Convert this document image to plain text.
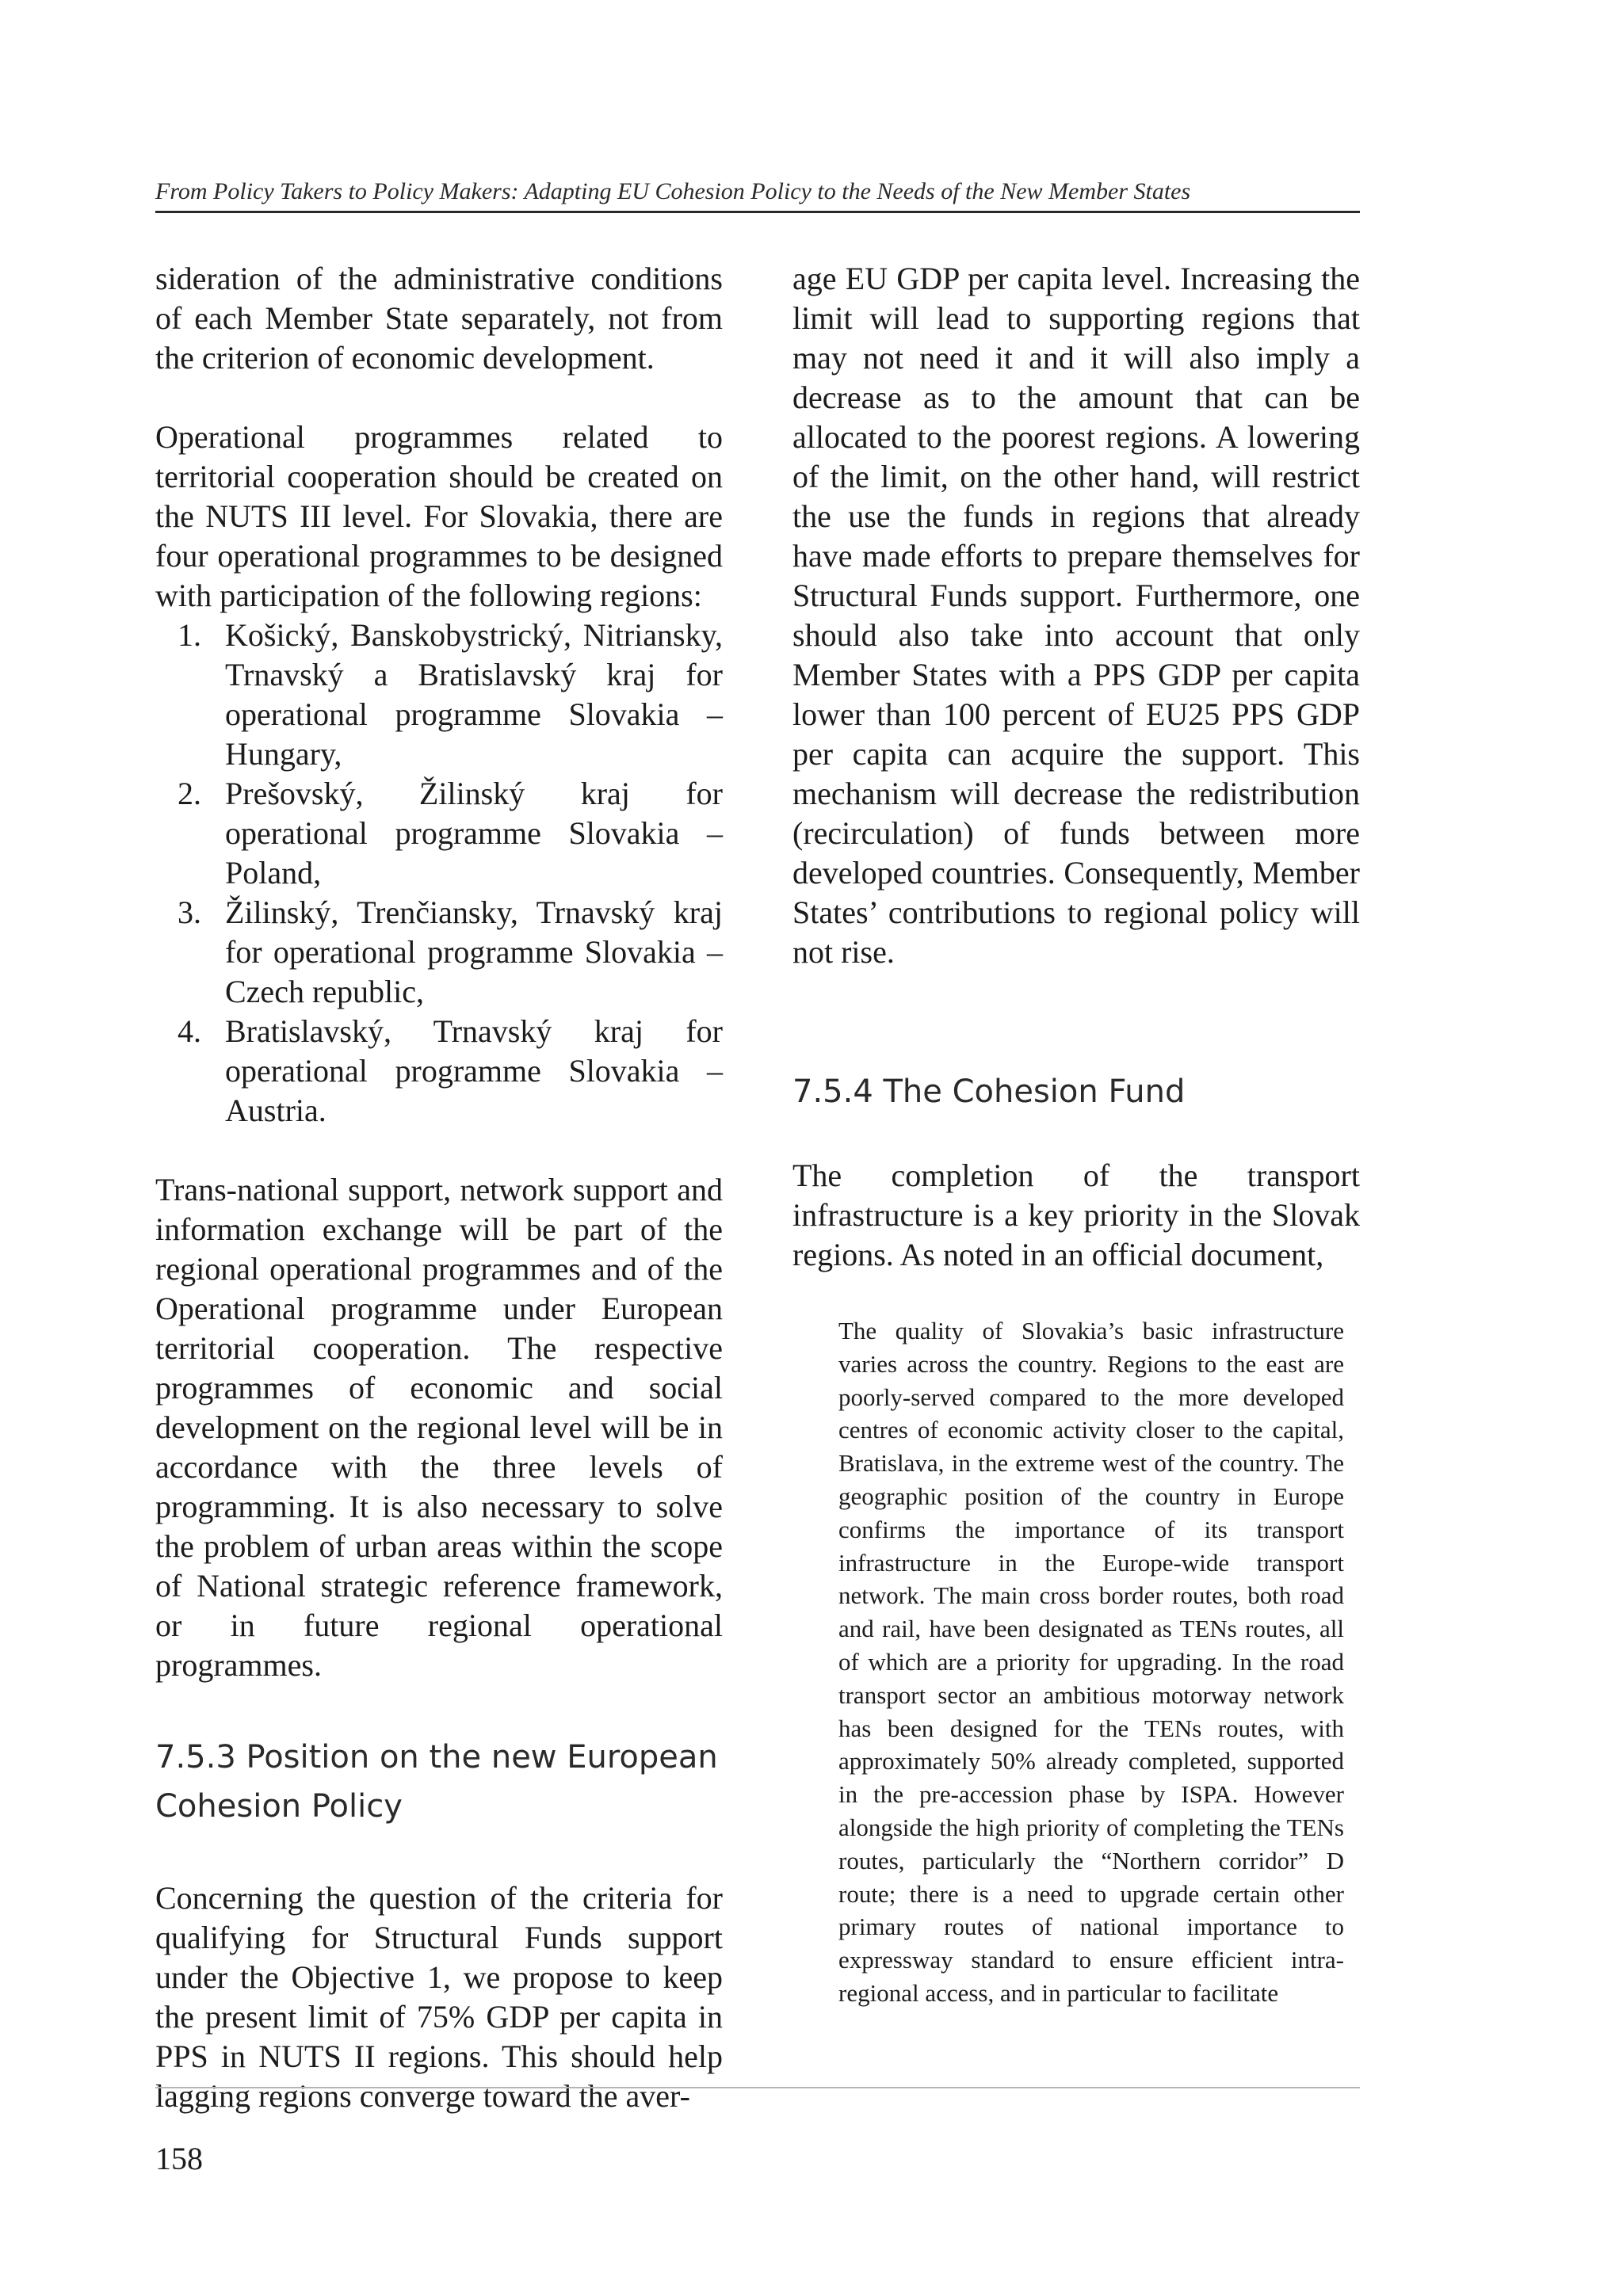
From Policy Takers to Policy Makers: Adapting EU Cohesion Policy to the Needs of the New Member States

sideration of the administrative conditions of each Member State separately, not from the criterion of economic development.

Operational programmes related to territorial cooperation should be created on the NUTS III level. For Slovakia, there are four operational programmes to be designed with participation of the following regions:

1. Košický, Banskobystrický, Nitriansky, Trnavský a Bratislavský kraj for operational programme Slovakia – Hungary,
2. Prešovský, Žilinský kraj for operational programme Slovakia – Poland,
3. Žilinský, Trenčiansky, Trnavský kraj for operational programme Slovakia – Czech republic,
4. Bratislavský, Trnavský kraj for operational programme Slovakia – Austria.

Trans-national support, network support and information exchange will be part of the regional operational programmes and of the Operational programme under European territorial cooperation. The respective programmes of economic and social development on the regional level will be in accordance with the three levels of programming. It is also necessary to solve the problem of urban areas within the scope of National strategic reference framework, or in future regional operational programmes.

7.5.3 Position on the new European Cohesion Policy

Concerning the question of the criteria for qualifying for Structural Funds support under the Objective 1, we propose to keep the present limit of 75% GDP per capita in PPS in NUTS II regions. This should help lagging regions converge toward the aver-

age EU GDP per capita level. Increasing the limit will lead to supporting regions that may not need it and it will also imply a decrease as to the amount that can be allocated to the poorest regions. A lowering of the limit, on the other hand, will restrict the use the funds in regions that already have made efforts to prepare themselves for Structural Funds support. Furthermore, one should also take into account that only Member States with a PPS GDP per capita lower than 100 percent of EU25 PPS GDP per capita can acquire the support. This mechanism will decrease the redistribution (recirculation) of funds between more developed countries. Consequently, Member States’ contributions to regional policy will not rise.

7.5.4 The Cohesion Fund

The completion of the transport infrastructure is a key priority in the Slovak regions. As noted in an official document,

The quality of Slovakia’s basic infrastructure varies across the country. Regions to the east are poorly-served compared to the more developed centres of economic activity closer to the capital, Bratislava, in the extreme west of the country. The geographic position of the country in Europe confirms the importance of its transport infrastructure in the Europe-wide transport network. The main cross border routes, both road and rail, have been designated as TENs routes, all of which are a priority for upgrading. In the road transport sector an ambitious motorway network has been designed for the TENs routes, with approximately 50% already completed, supported in the pre-accession phase by ISPA. However alongside the high priority of completing the TENs routes, particularly the “Northern corridor” D route; there is a need to upgrade certain other primary routes of national importance to expressway standard to ensure efficient intra-regional access, and in particular to facilitate
158
